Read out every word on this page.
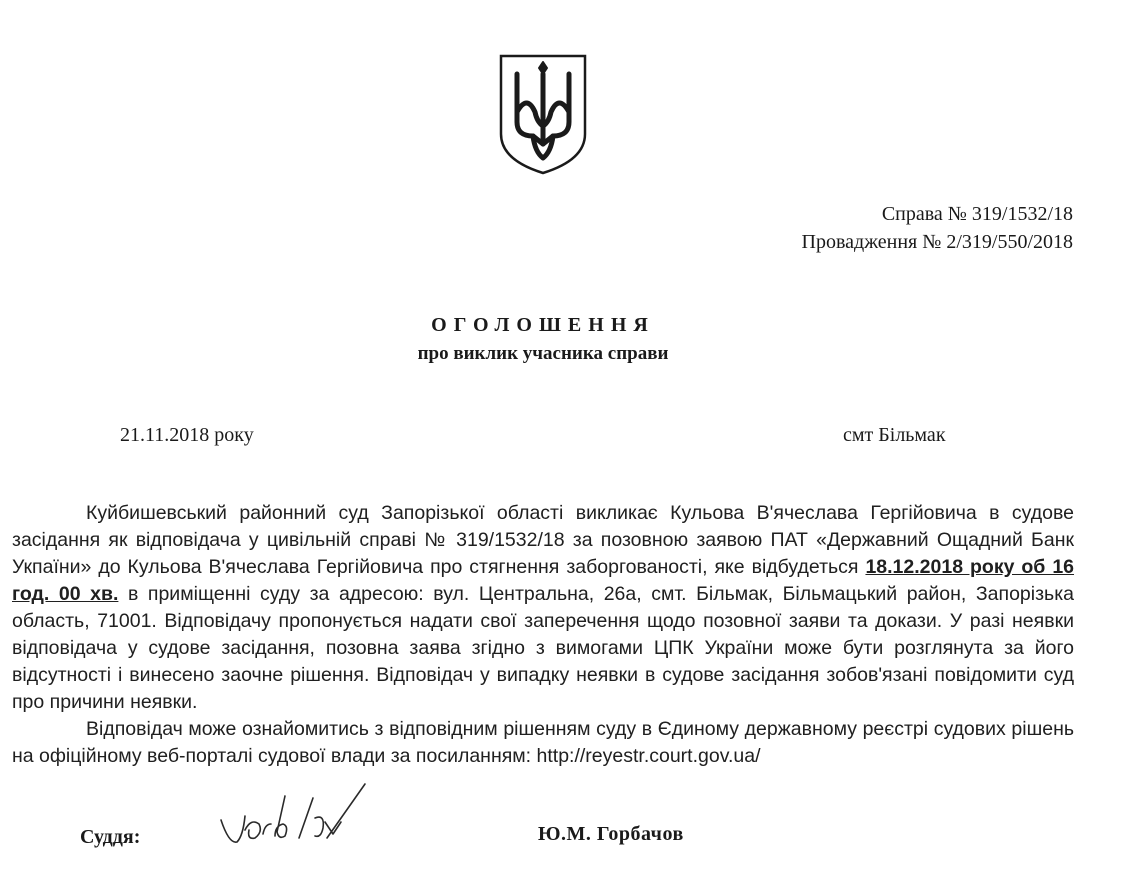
Справа № 319/1532/18
Провадження № 2/319/550/2018
ОГОЛОШЕННЯ
про виклик учасника справи
21.11.2018 року	смт Більмак

Куйбишевський районний суд Запорізької області викликає Кульова В'ячеслава Гергійовича в судове засідання як відповідача у цивільній справі № 319/1532/18 за позовною заявою ПАТ «Державний Ощадний Банк Укпаїни» до Кульова В'ячеслава Гергійовича про стягнення заборгованості, яке відбудеться 18.12.2018 року об 16 год. 00 хв. в приміщенні суду за адресою: вул. Центральна, 26а, смт. Більмак, Більмацький район, Запорізька область, 71001. Відповідачу пропонується надати свої заперечення щодо позовної заяви та докази. У разі неявки відповідача у судове засідання, позовна заява згідно з вимогами ЦПК України може бути розглянута за його відсутності і винесено заочне рішення. Відповідач у випадку неявки в судове засідання зобов'язані повідомити суд про причини неявки.

Відповідач може ознайомитись з відповідним рішенням суду в Єдиному державному реєстрі судових рішень на офіційному веб-порталі судової влади за посиланням: http://reyestr.court.gov.ua/

Суддя:	Ю.М. Горбачов
